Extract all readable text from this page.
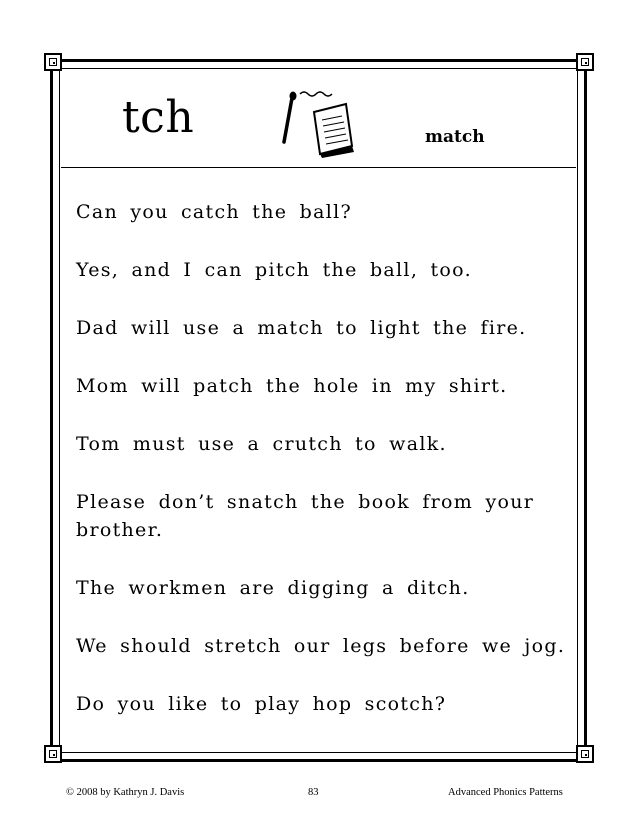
tch	match

Can you catch the ball?

Yes, and I can pitch the ball, too.

Dad will use a match to light the fire.

Mom will patch the hole in my shirt.

Tom must use a crutch to walk.

Please don’t snatch the book from your brother.

The workmen are digging a ditch.

We should stretch our legs before we jog.

Do you like to play hop scotch?

© 2008 by Kathryn J. Davis	83	Advanced Phonics Patterns
